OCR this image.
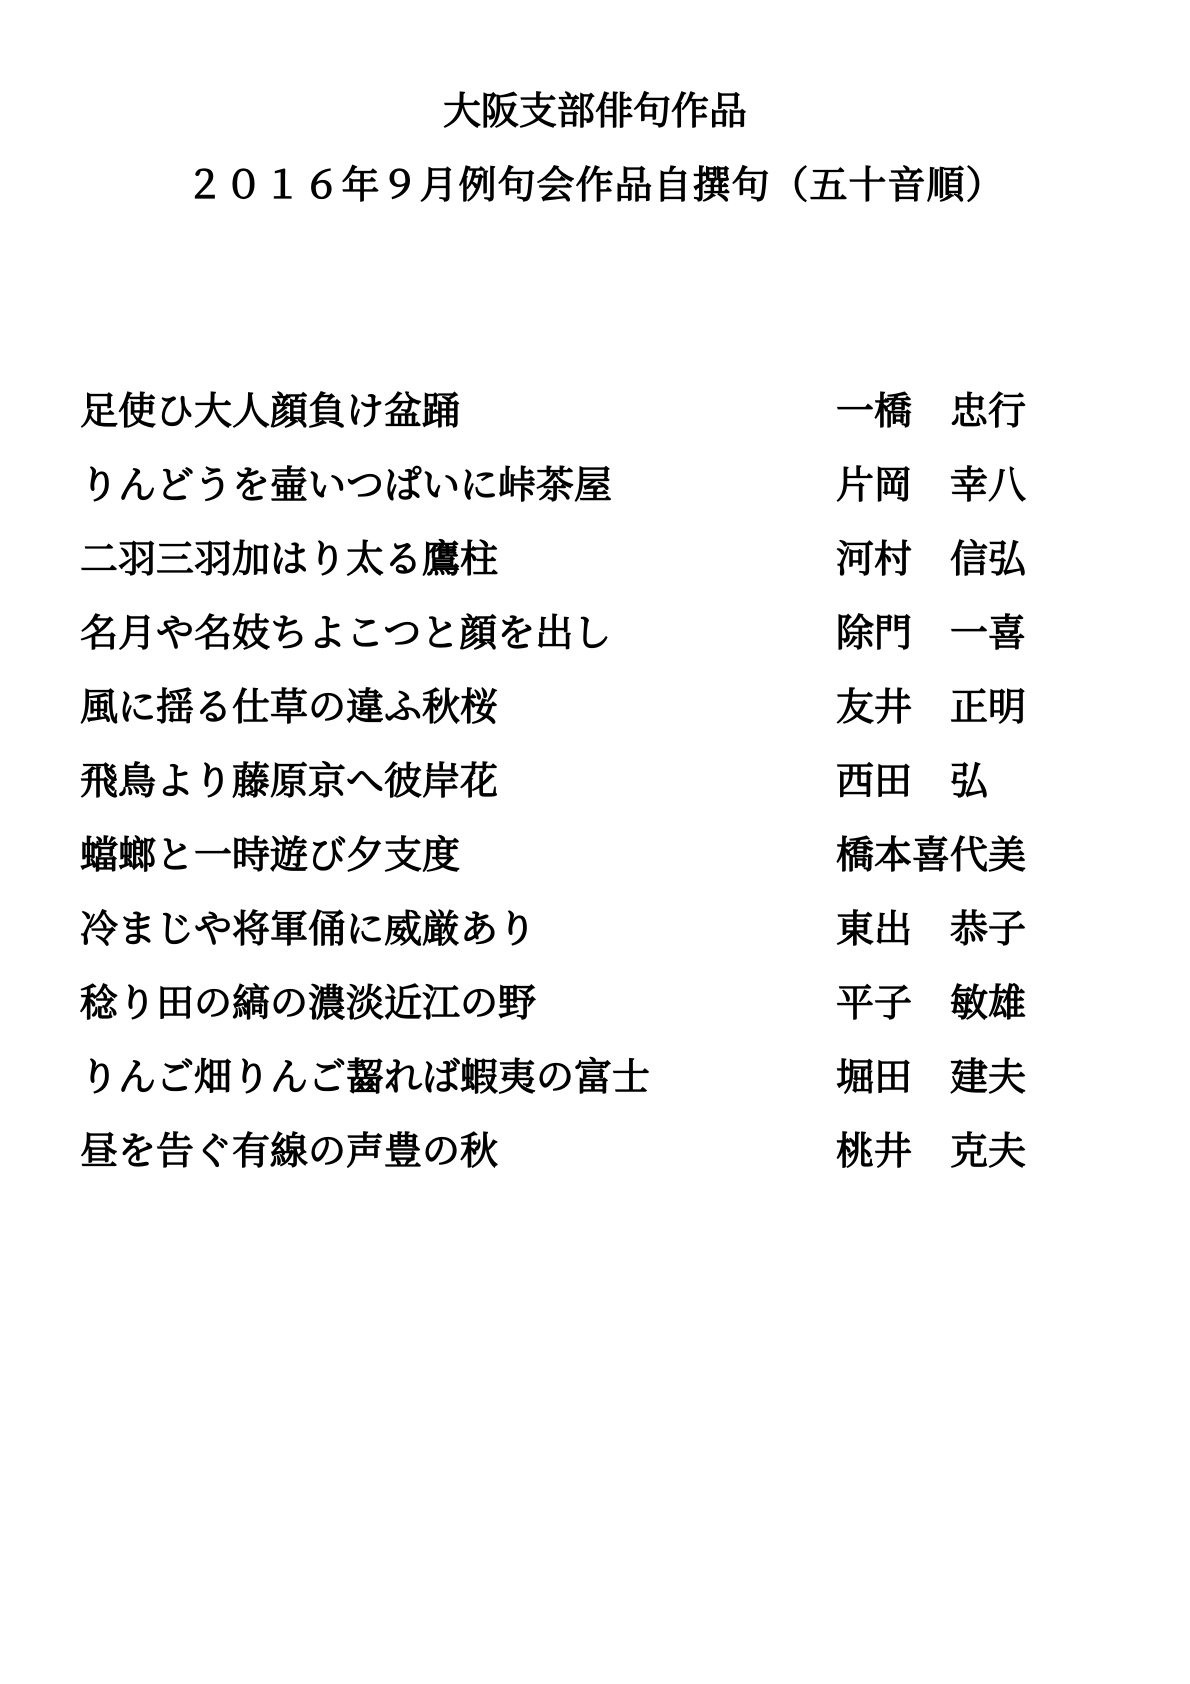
大阪支部俳句作品
２０１６年９月例句会作品自撰句（五十音順）
足使ひ大人顔負け盆踊	一橋　忠行
りんどうを壷いつぱいに峠茶屋	片岡　幸八
二羽三羽加はり太る鷹柱	河村　信弘
名月や名妓ちよこつと顔を出し	除門　一喜
風に揺る仕草の違ふ秋桜	友井　正明
飛鳥より藤原京へ彼岸花	西田　弘
蟷螂と一時遊び夕支度	橋本喜代美
冷まじや将軍俑に威厳あり	東出　恭子
稔り田の縞の濃淡近江の野	平子　敏雄
りんご畑りんご齧れば蝦夷の富士	堀田　建夫
昼を告ぐ有線の声豊の秋	桃井　克夫
